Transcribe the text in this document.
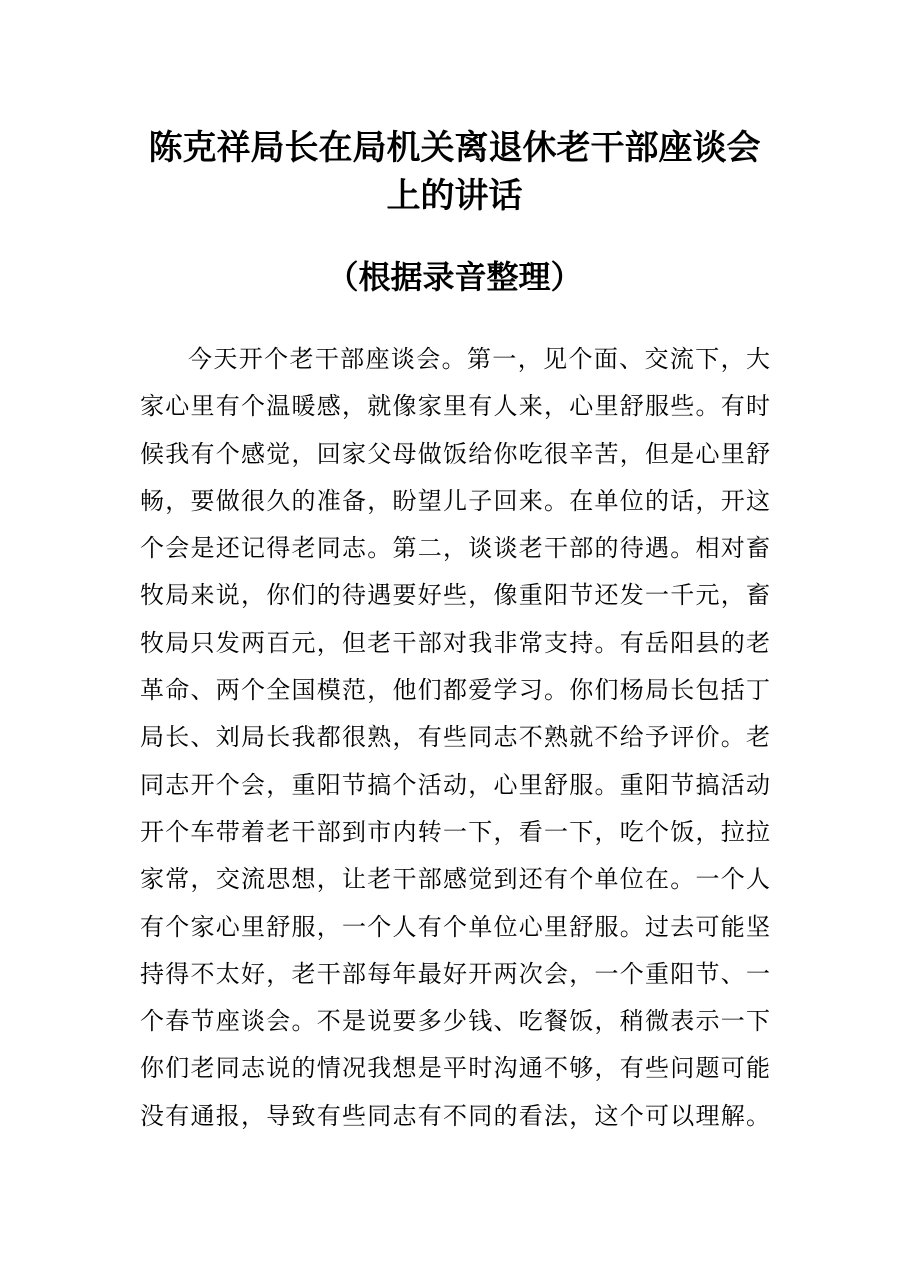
陈克祥局长在局机关离退休老干部座谈会
上的讲话
（根据录音整理）
今天开个老干部座谈会。第一，见个面、交流下，大
家心里有个温暖感，就像家里有人来，心里舒服些。有时
候我有个感觉，回家父母做饭给你吃很辛苦，但是心里舒
畅，要做很久的准备，盼望儿子回来。在单位的话，开这
个会是还记得老同志。第二，谈谈老干部的待遇。相对畜
牧局来说，你们的待遇要好些，像重阳节还发一千元，畜
牧局只发两百元，但老干部对我非常支持。有岳阳县的老
革命、两个全国模范，他们都爱学习。你们杨局长包括丁
局长、刘局长我都很熟，有些同志不熟就不给予评价。老
同志开个会，重阳节搞个活动，心里舒服。重阳节搞活动
开个车带着老干部到市内转一下，看一下，吃个饭，拉拉
家常，交流思想，让老干部感觉到还有个单位在。一个人
有个家心里舒服，一个人有个单位心里舒服。过去可能坚
持得不太好，老干部每年最好开两次会，一个重阳节、一
个春节座谈会。不是说要多少钱、吃餐饭，稍微表示一下
你们老同志说的情况我想是平时沟通不够，有些问题可能
没有通报，导致有些同志有不同的看法，这个可以理解。
